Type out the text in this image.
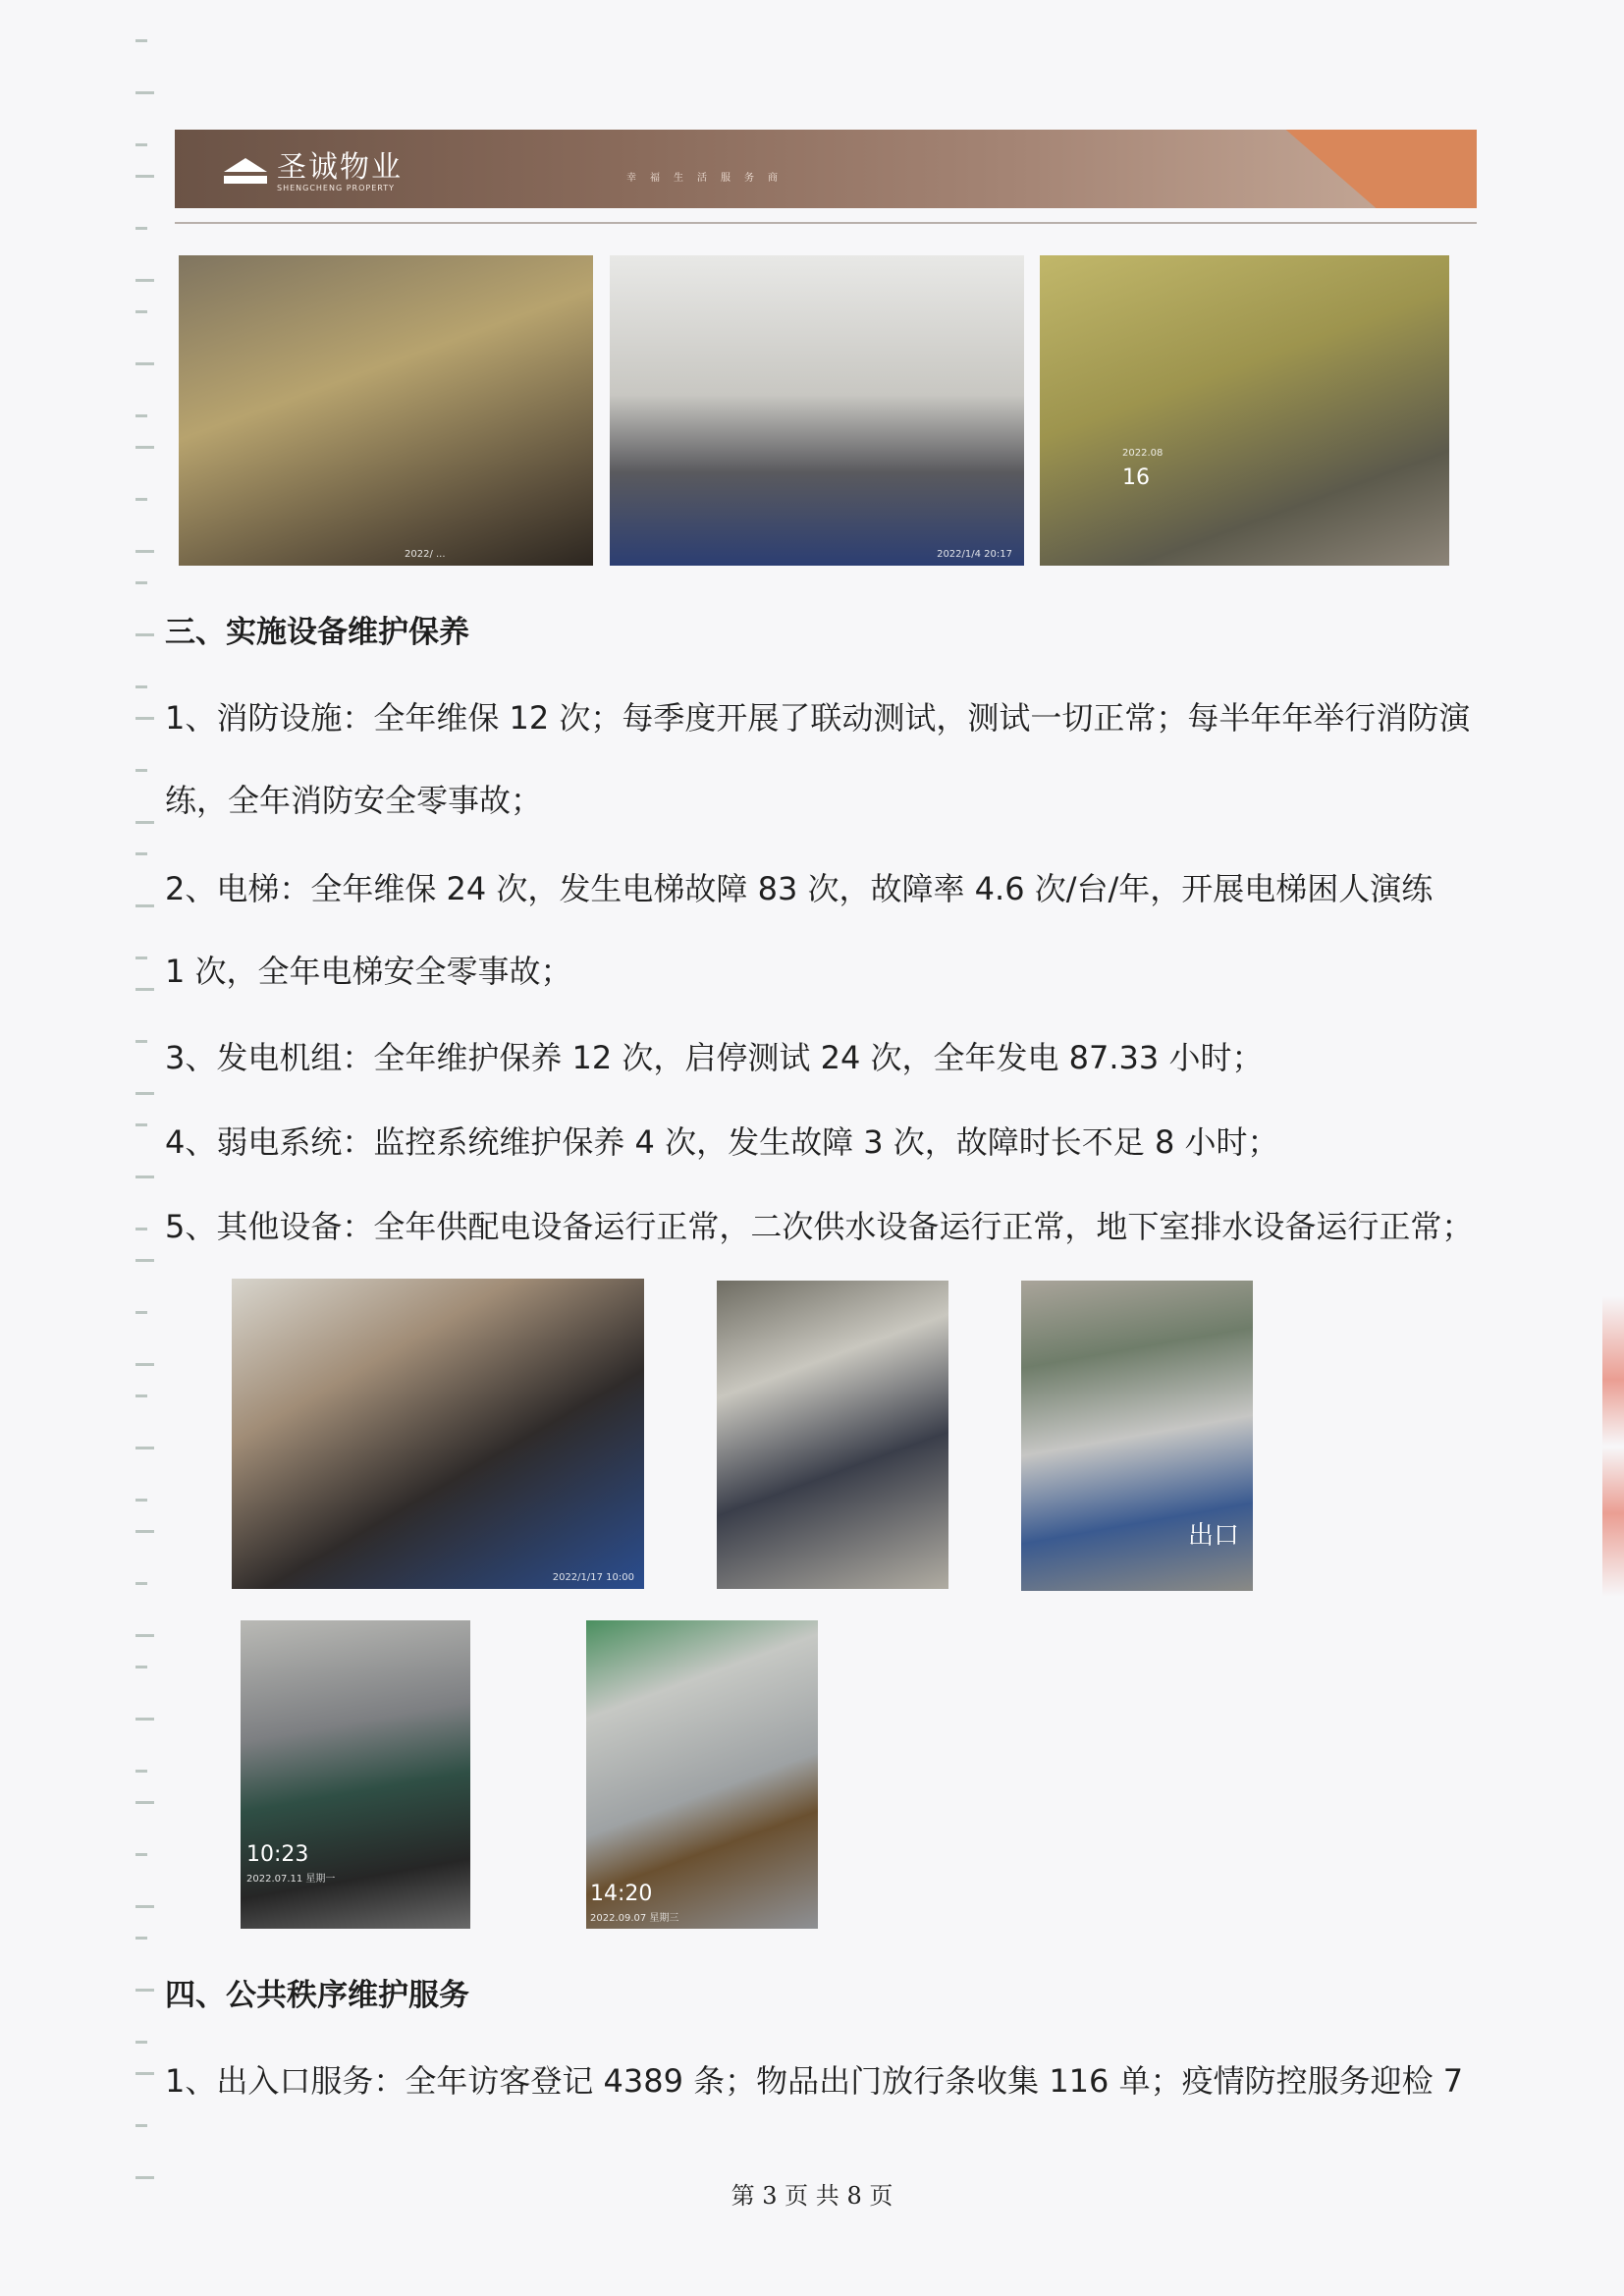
圣诚物业
SHENGCHENG PROPERTY
幸福生活服务商
2022/ ...	2022/1/4 20:17
2022.08
16
三、实施设备维护保养
1、消防设施：全年维保 12 次；每季度开展了联动测试，测试一切正常；每半年年举行消防演
练，全年消防安全零事故；
2、电梯：全年维保 24 次，发生电梯故障 83 次，故障率 4.6 次/台/年，开展电梯困人演练
1 次，全年电梯安全零事故；
3、发电机组：全年维护保养 12 次，启停测试 24 次，全年发电 87.33 小时；
4、弱电系统：监控系统维护保养 4 次，发生故障 3 次，故障时长不足 8 小时；
5、其他设备：全年供配电设备运行正常，二次供水设备运行正常，地下室排水设备运行正常；
2022/1/17 10:00
出口
10:23
2022.07.11 星期一
14:20
2022.09.07 星期三
四、公共秩序维护服务
1、出入口服务：全年访客登记 4389 条；物品出门放行条收集 116 单；疫情防控服务迎检 7
第 3 页 共 8 页
